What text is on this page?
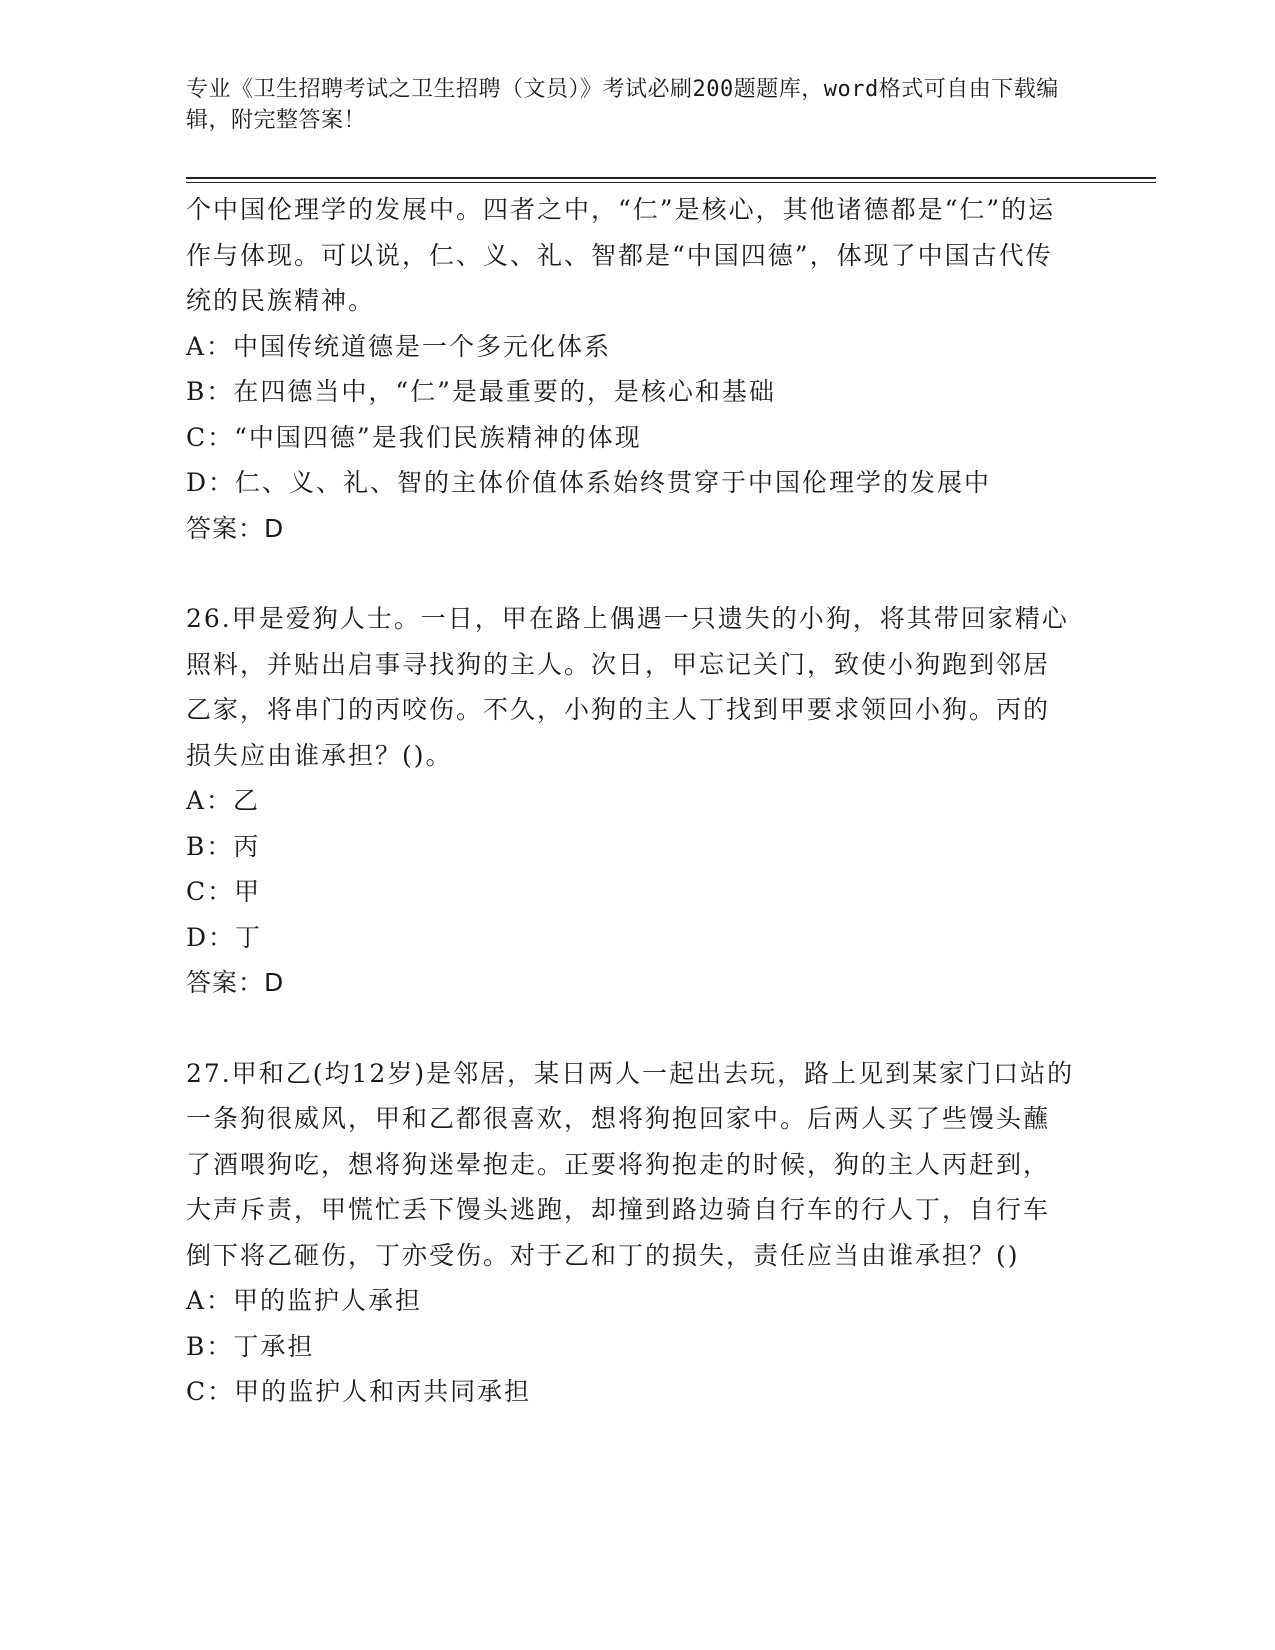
专业《卫生招聘考试之卫生招聘（文员）》考试必刷200题题库，word格式可自由下载编辑，附完整答案！

个中国伦理学的发展中。四者之中，“仁”是核心，其他诸德都是“仁”的运作与体现。可以说，仁、义、礼、智都是“中国四德”，体现了中国古代传统的民族精神。

A：中国传统道德是一个多元化体系

B：在四德当中，“仁”是最重要的，是核心和基础

C：“中国四德”是我们民族精神的体现

D：仁、义、礼、智的主体价值体系始终贯穿于中国伦理学的发展中

答案：D

26.甲是爱狗人士。一日，甲在路上偶遇一只遗失的小狗，将其带回家精心照料，并贴出启事寻找狗的主人。次日，甲忘记关门，致使小狗跑到邻居乙家，将串门的丙咬伤。不久，小狗的主人丁找到甲要求领回小狗。丙的损失应由谁承担？()。

A：乙

B：丙

C：甲

D：丁

答案：D

27.甲和乙(均12岁)是邻居，某日两人一起出去玩，路上见到某家门口站的一条狗很威风，甲和乙都很喜欢，想将狗抱回家中。后两人买了些馒头蘸了酒喂狗吃，想将狗迷晕抱走。正要将狗抱走的时候，狗的主人丙赶到，大声斥责，甲慌忙丢下馒头逃跑，却撞到路边骑自行车的行人丁，自行车倒下将乙砸伤，丁亦受伤。对于乙和丁的损失，责任应当由谁承担？()

A：甲的监护人承担

B：丁承担

C：甲的监护人和丙共同承担
